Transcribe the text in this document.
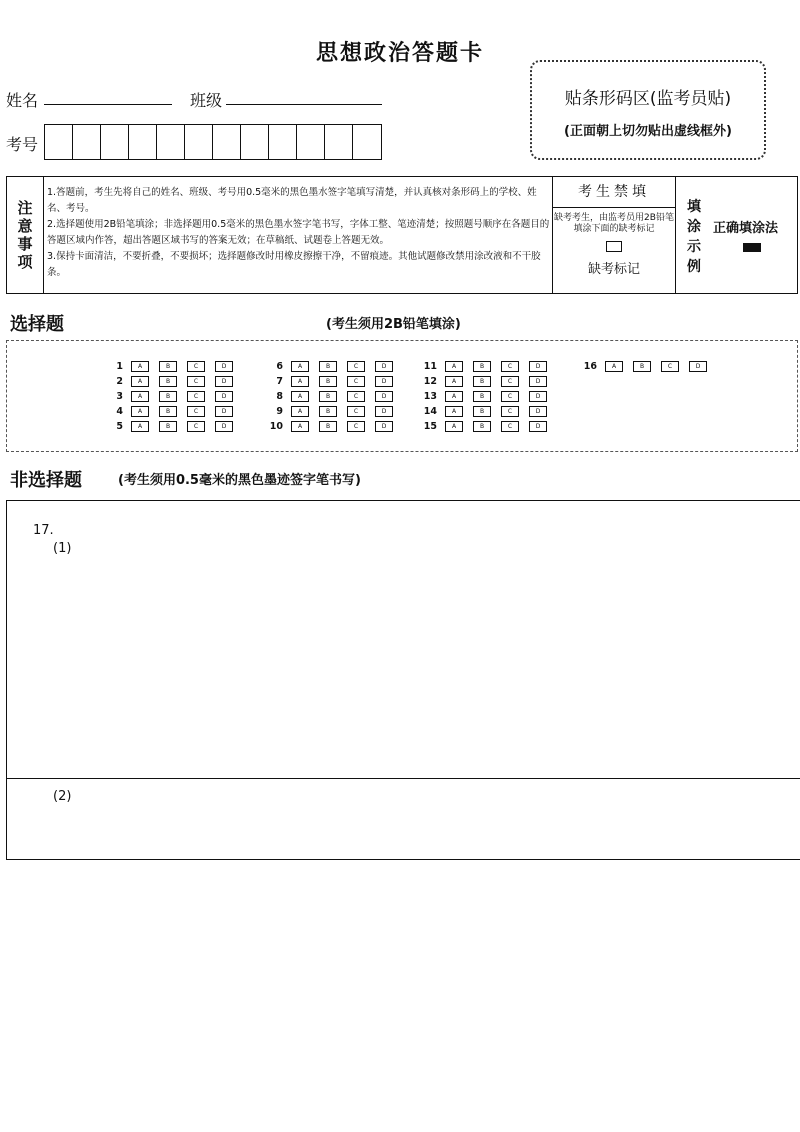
思想政治答题卡
姓名	班级
考号
贴条形码区(监考员贴)
(正面朝上切勿贴出虚线框外)
注
意
事
项
1.答题前，考生先将自己的姓名、班级、考号用0.5毫米的黑色墨水签字笔填写清楚，并认真核对条形码上的学校、姓名、考号。
2.选择题使用2B铅笔填涂；非选择题用0.5毫米的黑色墨水签字笔书写，字体工整、笔迹清楚；按照题号顺序在各题目的答题区域内作答，超出答题区域书写的答案无效；在草稿纸、试题卷上答题无效。
3.保持卡面清洁，不要折叠，不要损坏；选择题修改时用橡皮擦擦干净，不留痕迹。其他试题修改禁用涂改液和不干胶条。
考生禁填
缺考考生，由监考员用2B铅笔填涂下面的缺考标记
缺考标记
填
涂
示
例
正确填涂法
选择题	(考生须用2B铅笔填涂)
1	A	B	C	D
2	A	B	C	D
3	A	B	C	D
4	A	B	C	D
5	A	B	C	D
6	A	B	C	D
7	A	B	C	D
8	A	B	C	D
9	A	B	C	D
10	A	B	C	D
11	A	B	C	D
12	A	B	C	D
13	A	B	C	D
14	A	B	C	D
15	A	B	C	D
16	A	B	C	D
非选择题	(考生须用0.5毫米的黑色墨迹签字笔书写)
17.
(1)
(2)
